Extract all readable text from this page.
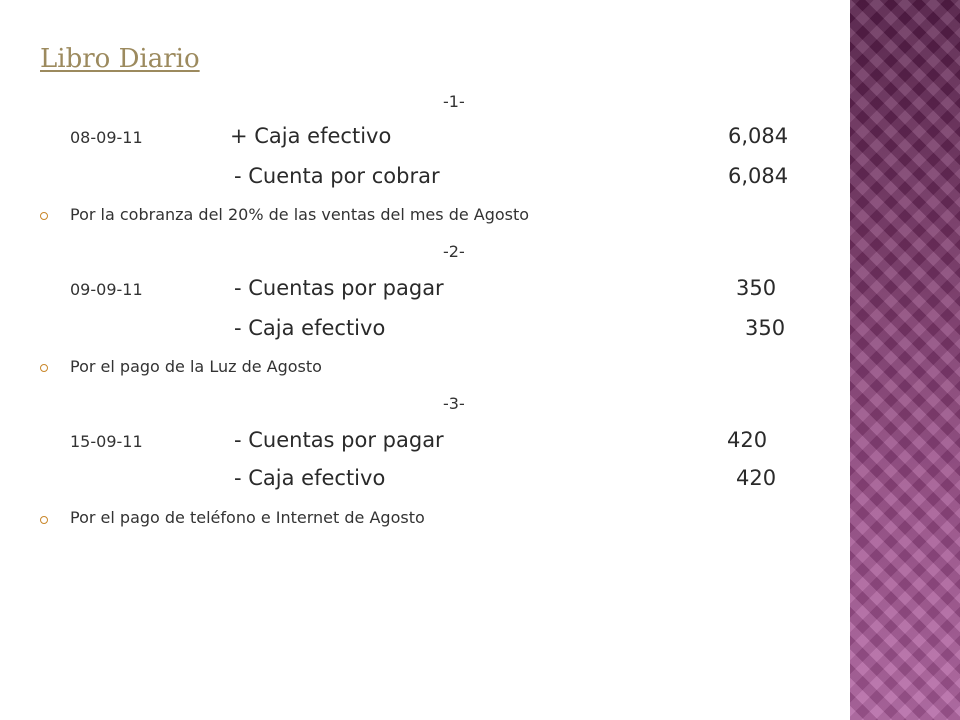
Libro Diario
-1-
08-09-11	+ Caja efectivo	6,084
- Cuenta por cobrar	6,084
Por la cobranza del 20% de las ventas del mes de Agosto
-2-
09-09-11	- Cuentas por pagar	350
- Caja efectivo	350
Por el pago de la Luz de Agosto
-3-
15-09-11	- Cuentas por pagar	420
- Caja efectivo	420
Por el pago de teléfono e Internet de Agosto
